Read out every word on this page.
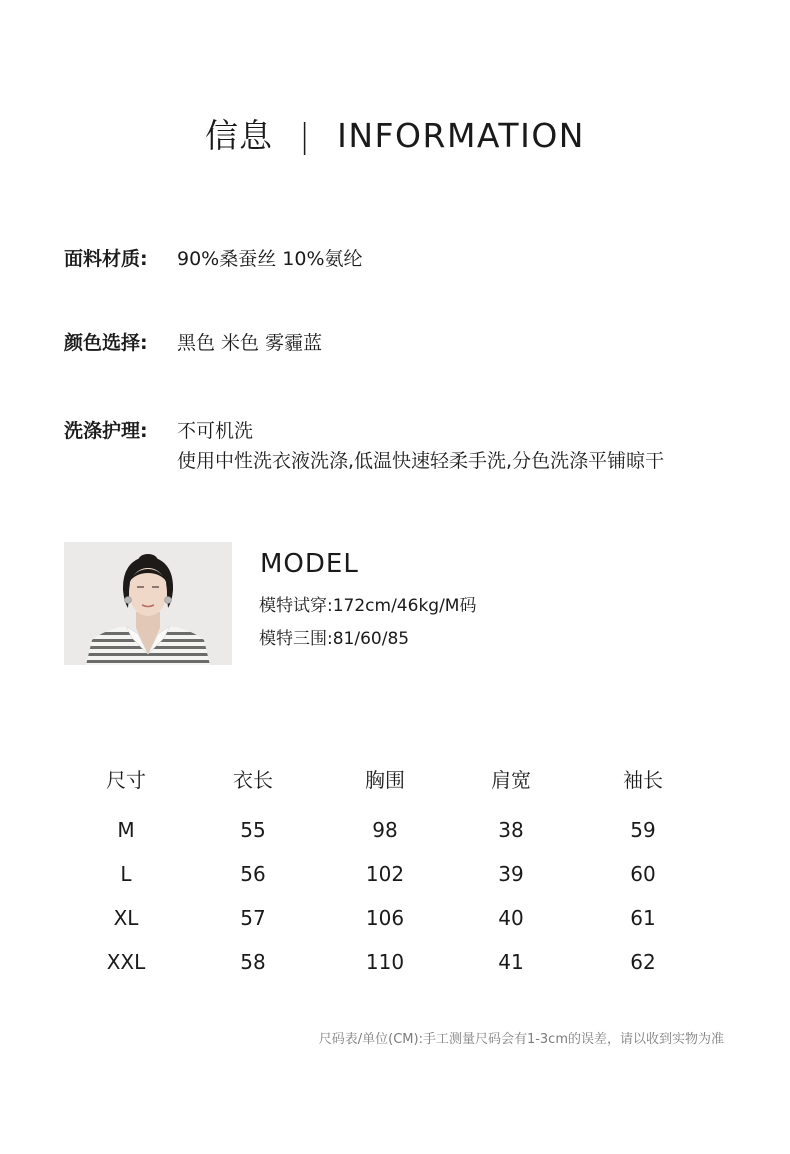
信息 | INFORMATION
面料材质: 90%桑蚕丝 10%氨纶
颜色选择: 黑色 米色 雾霾蓝
洗涤护理: 不可机洗
使用中性洗衣液洗涤,低温快速轻柔手洗,分色洗涤平铺晾干
MODEL
模特试穿:172cm/46kg/M码
模特三围:81/60/85
尺寸	衣长	胸围	肩宽	袖长
M	55	98	38	59
L	56	102	39	60
XL	57	106	40	61
XXL	58	110	41	62
尺码表/单位(CM):手工测量尺码会有1-3cm的误差，请以收到实物为准
